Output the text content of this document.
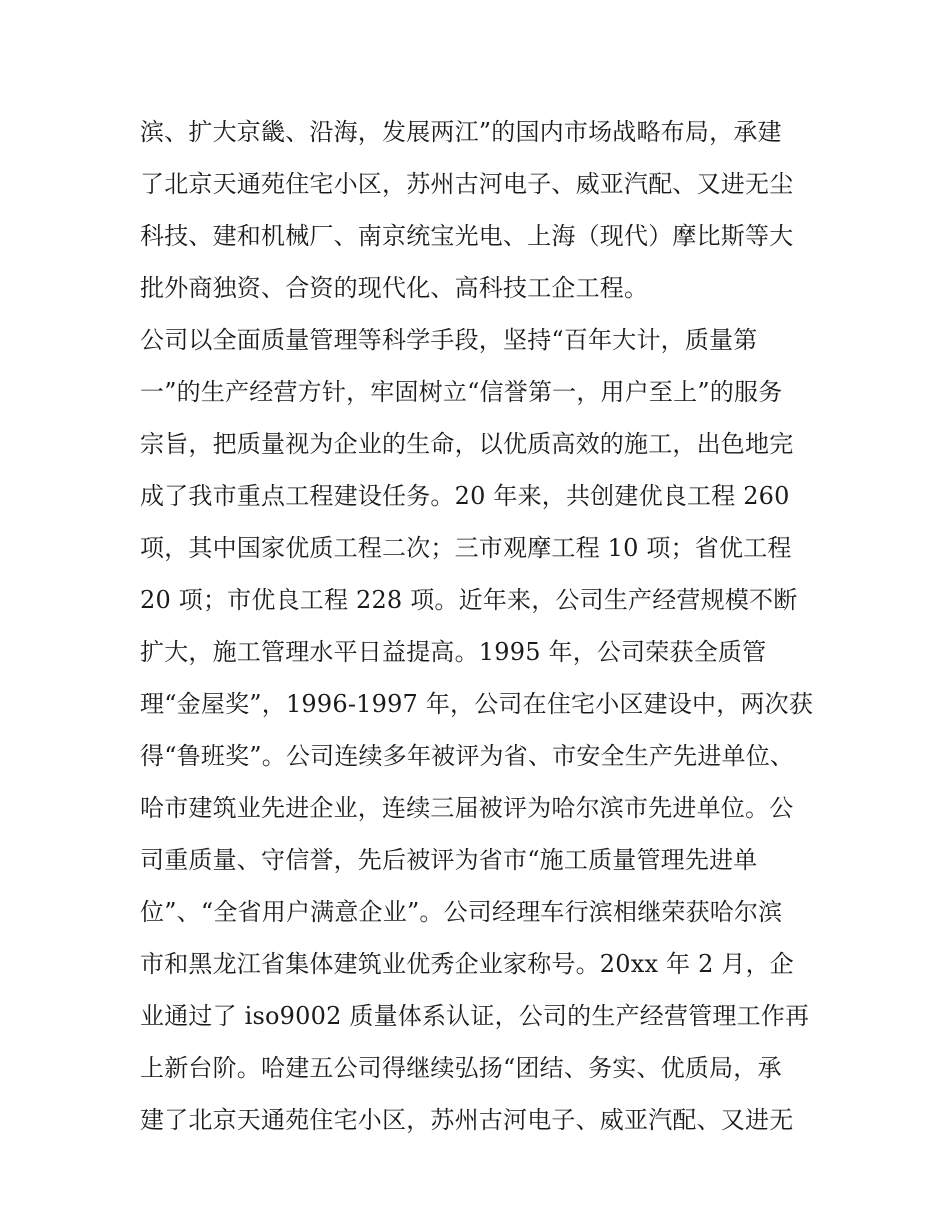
滨、扩大京畿、沿海，发展两江”的国内市场战略布局，承建
了北京天通苑住宅小区，苏州古河电子、威亚汽配、又进无尘
科技、建和机械厂、南京统宝光电、上海（现代）摩比斯等大
批外商独资、合资的现代化、高科技工企工程。
公司以全面质量管理等科学手段，坚持“百年大计，质量第
一”的生产经营方针，牢固树立“信誉第一，用户至上”的服务
宗旨，把质量视为企业的生命，以优质高效的施工，出色地完
成了我市重点工程建设任务。20 年来，共创建优良工程 260
项，其中国家优质工程二次；三市观摩工程 10 项；省优工程
20 项；市优良工程 228 项。近年来，公司生产经营规模不断
扩大，施工管理水平日益提高。1995 年，公司荣获全质管
理“金屋奖”，1996-1997 年，公司在住宅小区建设中，两次获
得“鲁班奖”。公司连续多年被评为省、市安全生产先进单位、
哈市建筑业先进企业，连续三届被评为哈尔滨市先进单位。公
司重质量、守信誉，先后被评为省市“施工质量管理先进单
位”、“全省用户满意企业”。公司经理车行滨相继荣获哈尔滨
市和黑龙江省集体建筑业优秀企业家称号。20xx 年 2 月，企
业通过了 iso9002 质量体系认证，公司的生产经营管理工作再
上新台阶。哈建五公司得继续弘扬“团结、务实、优质局，承
建了北京天通苑住宅小区，苏州古河电子、威亚汽配、又进无
